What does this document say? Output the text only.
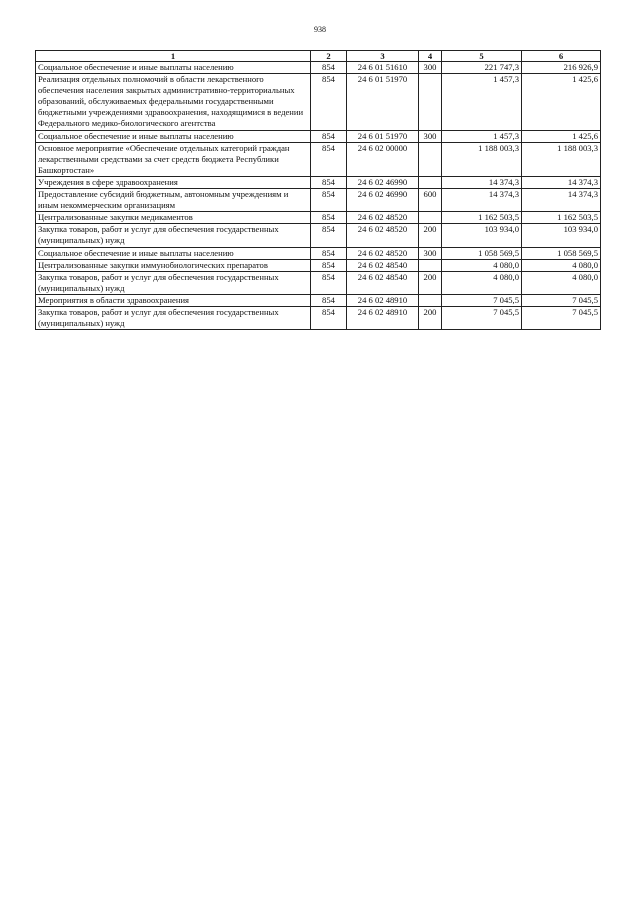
938
1	2	3	4	5	6
Социальное обеспечение и иные выплаты населению	854	24 6 01 51610	300	221 747,3	216 926,9
Реализация отдельных полномочий в области лекарственного обеспечения населения закрытых административно-территориальных образований, обслуживаемых федеральными государственными бюджетными учреждениями здравоохранения, находящимися в ведении Федерального медико-биологического агентства	854	24 6 01 51970		1 457,3	1 425,6
Социальное обеспечение и иные выплаты населению	854	24 6 01 51970	300	1 457,3	1 425,6
Основное мероприятие «Обеспечение отдельных категорий граждан лекарственными средствами за счет средств бюджета Республики Башкортостан»	854	24 6 02 00000		1 188 003,3	1 188 003,3
Учреждения в сфере здравоохранения	854	24 6 02 46990		14 374,3	14 374,3
Предоставление субсидий бюджетным, автономным учреждениям и иным некоммерческим организациям	854	24 6 02 46990	600	14 374,3	14 374,3
Централизованные закупки медикаментов	854	24 6 02 48520		1 162 503,5	1 162 503,5
Закупка товаров, работ и услуг для обеспечения государственных (муниципальных) нужд	854	24 6 02 48520	200	103 934,0	103 934,0
Социальное обеспечение и иные выплаты населению	854	24 6 02 48520	300	1 058 569,5	1 058 569,5
Централизованные закупки иммунобиологических препаратов	854	24 6 02 48540		4 080,0	4 080,0
Закупка товаров, работ и услуг для обеспечения государственных (муниципальных) нужд	854	24 6 02 48540	200	4 080,0	4 080,0
Мероприятия в области здравоохранения	854	24 6 02 48910		7 045,5	7 045,5
Закупка товаров, работ и услуг для обеспечения государственных (муниципальных) нужд	854	24 6 02 48910	200	7 045,5	7 045,5
